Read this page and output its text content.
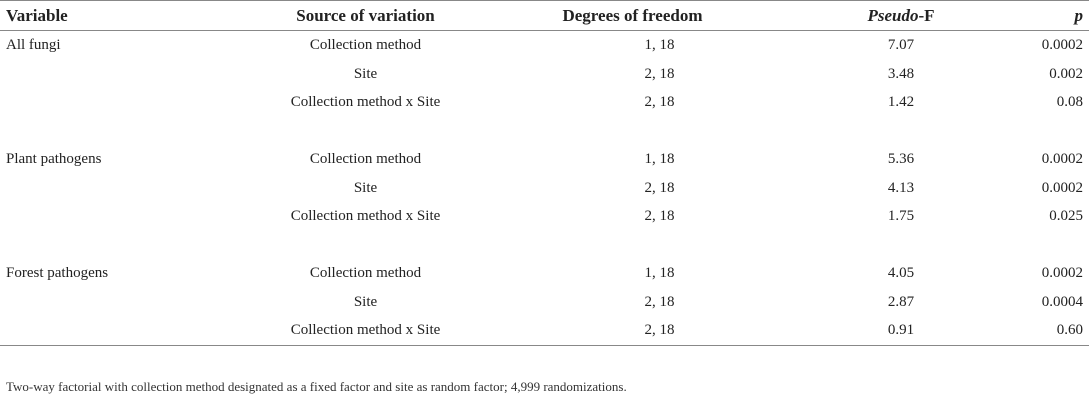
Variable	Source of variation	Degrees of freedom	Pseudo-F	p
All fungi	Collection method	1, 18	7.07	0.0002
	Site	2, 18	3.48	0.002
	Collection method x Site	2, 18	1.42	0.08

Plant pathogens	Collection method	1, 18	5.36	0.0002
	Site	2, 18	4.13	0.0002
	Collection method x Site	2, 18	1.75	0.025

Forest pathogens	Collection method	1, 18	4.05	0.0002
	Site	2, 18	2.87	0.0004
	Collection method x Site	2, 18	0.91	0.60
Two-way factorial with collection method designated as a fixed factor and site as random factor; 4,999 randomizations.
